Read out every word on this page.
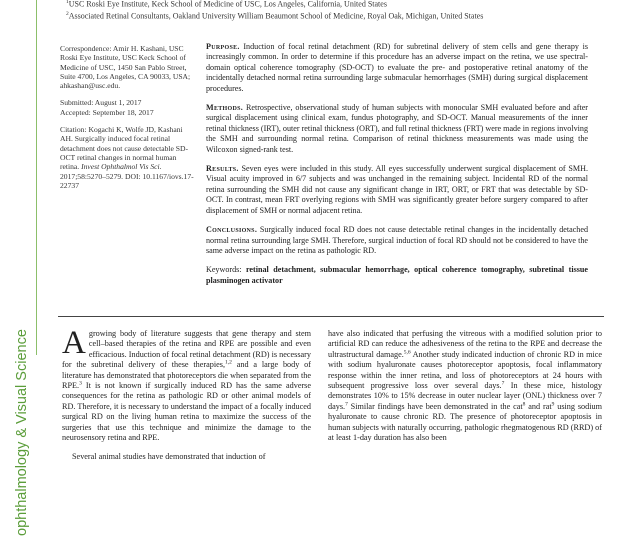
$^1$USC Roski Eye Institute, Keck School of Medicine of USC, Los Angeles, California, United States
$^2$Associated Retinal Consultants, Oakland University William Beaumont School of Medicine, Royal Oak, Michigan, United States

Correspondence: Amir H. Kashani, USC Roski Eye Institute, USC Keck School of Medicine of USC, 1450 San Pablo Street, Suite 4700, Los Angeles, CA 90033, USA; ahkashan@usc.edu.

Submitted: August 1, 2017

Accepted: September 18, 2017

Citation: Kogachi K, Wolfe JD, Kashani AH. Surgically induced focal retinal detachment does not cause detectable SD-OCT retinal changes in normal human retina. Invest Ophthalmol Vis Sci. 2017;58:5270–5279. DOI: 10.1167/iovs.17-22737

Purpose. Induction of focal retinal detachment (RD) for subretinal delivery of stem cells and gene therapy is increasingly common. In order to determine if this procedure has an adverse impact on the retina, we use spectral-domain optical coherence tomography (SD-OCT) to evaluate the pre- and postoperative retinal anatomy of the incidentally detached normal retina surrounding large submacular hemorrhages (SMH) during surgical displacement procedures.

Methods. Retrospective, observational study of human subjects with monocular SMH evaluated before and after surgical displacement using clinical exam, fundus photography, and SD-OCT. Manual measurements of the inner retinal thickness (IRT), outer retinal thickness (ORT), and full retinal thickness (FRT) were made in regions involving the SMH and surrounding normal retina. Comparison of retinal thickness measurements was made using the Wilcoxon signed-rank test.

Results. Seven eyes were included in this study. All eyes successfully underwent surgical displacement of SMH. Visual acuity improved in 6/7 subjects and was unchanged in the remaining subject. Incidental RD of the normal retina surrounding the SMH did not cause any significant change in IRT, ORT, or FRT that was detectable by SD-OCT. In contrast, mean FRT overlying regions with SMH was significantly greater before surgery compared to after displacement of SMH or normal adjacent retina.

Conclusions. Surgically induced focal RD does not cause detectable retinal changes in the incidentally detached normal retina surrounding large SMH. Therefore, surgical induction of focal RD should not be considered to have the same adverse impact on the retina as pathologic RD.

Keywords: retinal detachment, submacular hemorrhage, optical coherence tomography, subretinal tissue plasminogen activator

ophthalmology & Visual Science Agrowing body of literature suggests that gene therapy and stem cell–based therapies of the retina and RPE are possible and even efficacious. Induction of focal retinal detachment (RD) is necessary for the subretinal delivery of these therapies,$^{1,2}$ and a large body of literature has demonstrated that photoreceptors die when separated from the RPE.$^3$ It is not known if surgically induced RD has the same adverse consequences for the retina as pathologic RD or other animal models of RD. Therefore, it is necessary to understand the impact of a focally induced surgical RD on the living human retina to maximize the success of the surgeries that use this technique and minimize the damage to the neurosensory retina and RPE.

Several animal studies have demonstrated that induction of

have also indicated that perfusing the vitreous with a modified solution prior to artificial RD can reduce the adhesiveness of the retina to the RPE and decrease the ultrastructural damage.$^{5,6}$ Another study indicated induction of chronic RD in mice with sodium hyaluronate causes photoreceptor apoptosis, focal inflammatory response within the inner retina, and loss of photoreceptors at 24 hours with subsequent progressive loss over several days.$^7$ In these mice, histology demonstrates 10% to 15% decrease in outer nuclear layer (ONL) thickness over 7 days.$^7$ Similar findings have been demonstrated in the cat$^8$ and rat$^9$ using sodium hyaluronate to cause chronic RD. The presence of photoreceptor apoptosis in human subjects with naturally occurring, pathologic rhegmatogenous RD (RRD) of at least 1-day duration has also been
